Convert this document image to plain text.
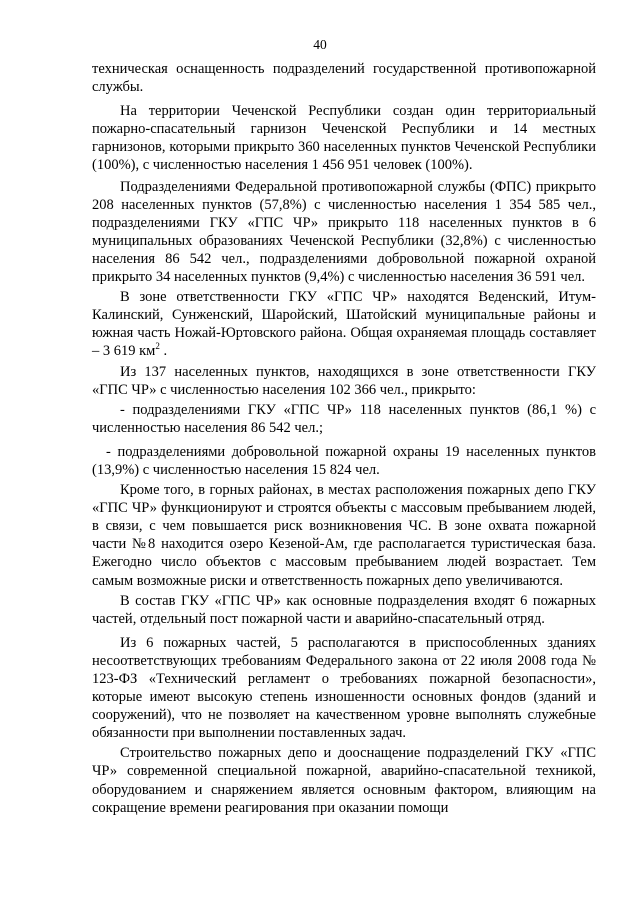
40

техническая оснащенность подразделений государственной противопожарной службы.

На территории Чеченской Республики создан один территориальный пожарно-спасательный гарнизон Чеченской Республики и 14 местных гарнизонов, которыми прикрыто 360 населенных пунктов Чеченской Республики (100%), с численностью населения 1 456 951 человек (100%).

Подразделениями Федеральной противопожарной службы (ФПС) прикрыто 208 населенных пунктов (57,8%) с численностью населения 1 354 585 чел., подразделениями ГКУ «ГПС ЧР» прикрыто 118 населенных пунктов в 6 муниципальных образованиях Чеченской Республики (32,8%) с численностью населения 86 542 чел., подразделениями добровольной пожарной охраной прикрыто 34 населенных пунктов (9,4%) с численностью населения 36 591 чел.

В зоне ответственности ГКУ «ГПС ЧР» находятся Веденский, Итум-Калинский, Сунженский, Шаройский, Шатойский муниципальные районы и южная часть Ножай-Юртовского района. Общая охраняемая площадь составляет – 3 619 $км^2$ .

Из 137 населенных пунктов, находящихся в зоне ответственности ГКУ «ГПС ЧР» с численностью населения 102 366 чел., прикрыто:

- подразделениями ГКУ «ГПС ЧР» 118 населенных пунктов (86,1 %) с численностью населения 86 542 чел.;

- подразделениями добровольной пожарной охраны 19 населенных пунктов (13,9%) с численностью населения 15 824 чел.

Кроме того, в горных районах, в местах расположения пожарных депо ГКУ «ГПС ЧР» функционируют и строятся объекты с массовым пребыванием людей, в связи, с чем повышается риск возникновения ЧС. В зоне охвата пожарной части №8 находится озеро Кезеной-Ам, где располагается туристическая база. Ежегодно число объектов с массовым пребыванием людей возрастает. Тем самым возможные риски и ответственность пожарных депо увеличиваются.

В состав ГКУ «ГПС ЧР» как основные подразделения входят 6 пожарных частей, отдельный пост пожарной части и аварийно-спасательный отряд.

Из 6 пожарных частей, 5 располагаются в приспособленных зданиях несоответствующих требованиям Федерального закона от 22 июля 2008 года № 123-ФЗ «Технический регламент о требованиях пожарной безопасности», которые имеют высокую степень изношенности основных фондов (зданий и сооружений), что не позволяет на качественном уровне выполнять служебные обязанности при выполнении поставленных задач.

Строительство пожарных депо и дооснащение подразделений ГКУ «ГПС ЧР» современной специальной пожарной, аварийно-спасательной техникой, оборудованием и снаряжением является основным фактором, влияющим на сокращение времени реагирования при оказании помощи
